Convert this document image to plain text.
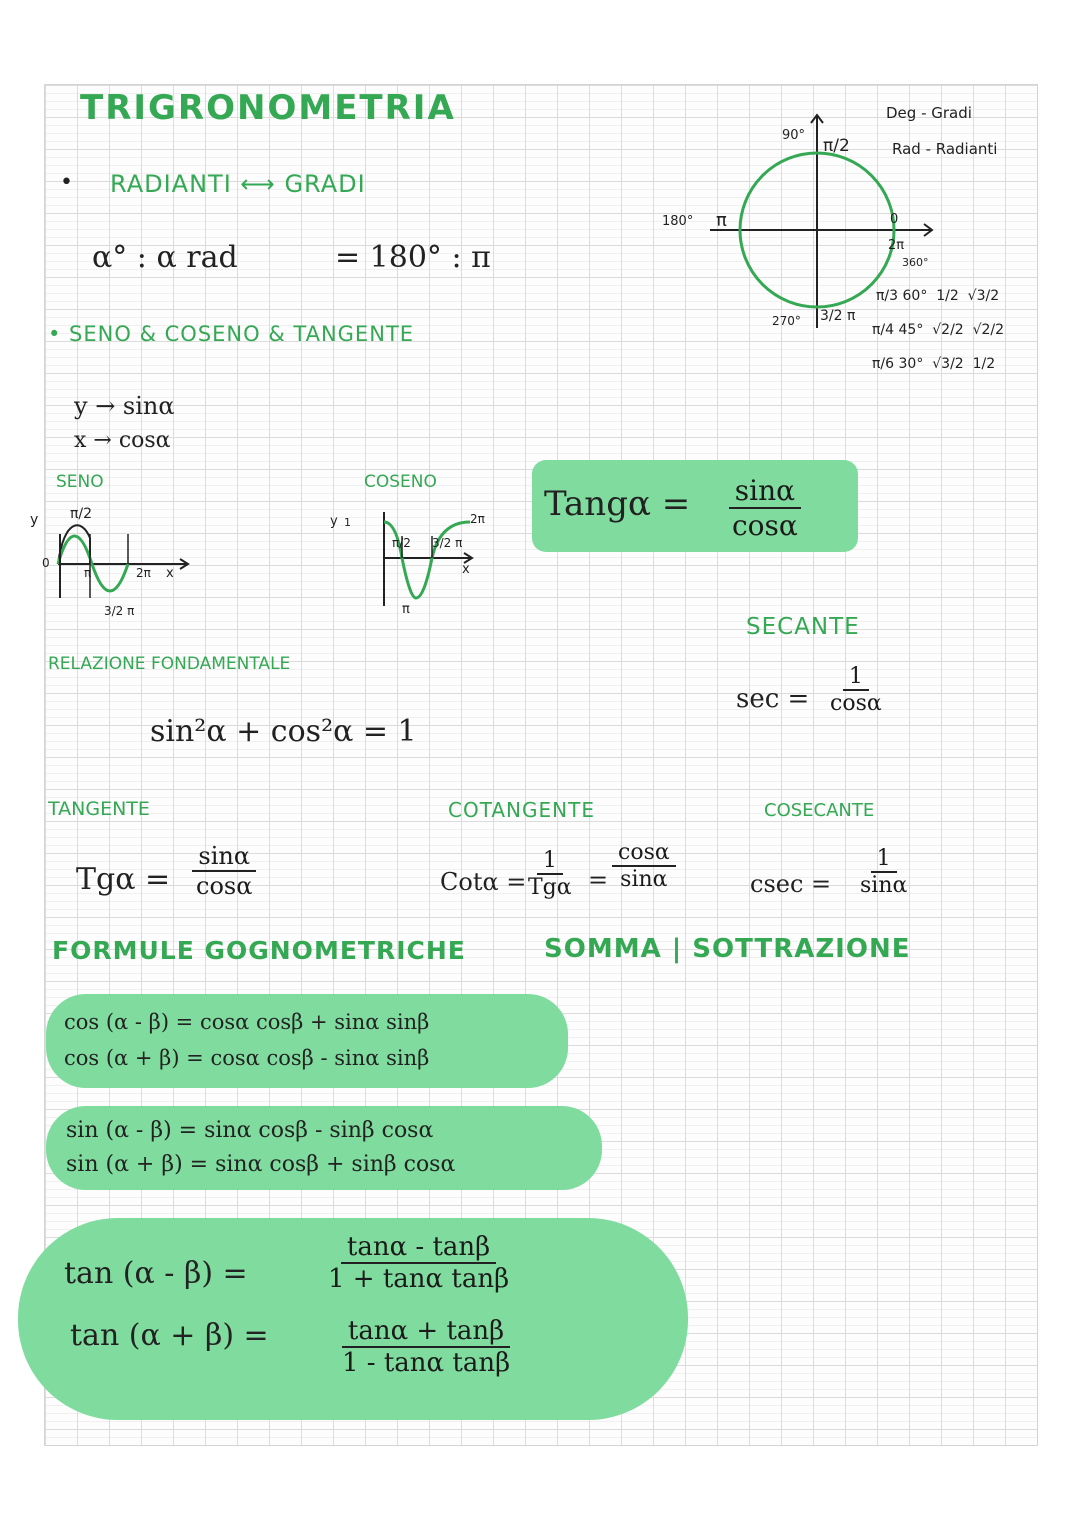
TRIGRONOMETRIA
• RADIANTI ⟷ GRADI
α° : α rad	= 180° : π
90°
π/2
180° π	0
2π
360°
270° 3/2 π
Deg - Gradi
Rad - Radianti
π/3 60° 1/2 √3/2
π/4 45° √2/2 √2/2
π/6 30° √3/2 1/2
• SENO & COSENO & TANGENTE
y → sinα
x → cosα
SENO
y
0
π/2
π	2π x
3/2 π
COSENO
y 1
π/2 3/2 π
2π
x
π
Tangα = $\frac{\sin\alpha}{\cos\alpha}$
SECANTE
$\sec = \frac{1}{\cos\alpha}$
RELAZIONE FONDAMENTALE
sin²α + cos²α = 1
TANGENTE
$Tg\alpha = \frac{\sin\alpha}{\cos\alpha}$
COTANGENTE
Cotα =
$\frac{1}{\text{Tgα}} = \frac{\cos\alpha}{\sin\alpha}$
COSECANTE
$csec = \frac{1}{\sin\alpha}$
FORMULE GOGNOMETRICHE	SOMMA | SOTTRAZIONE
cos (α - β) = cosα cosβ + sinα sinβ
cos (α + β) = cosα cosβ - sinα sinβ
sin (α - β) = sinα cosβ - sinβ cosα
sin (α + β) = sinα cosβ + sinβ cosα
tan (α - β) =	$\frac{\tan\alpha - \tan\beta}{\text{1 + tanα tanβ}}$
tan (α + β) =	$\frac{\tan\alpha + \tan\beta}{\text{1 - tanα tanβ}}$
